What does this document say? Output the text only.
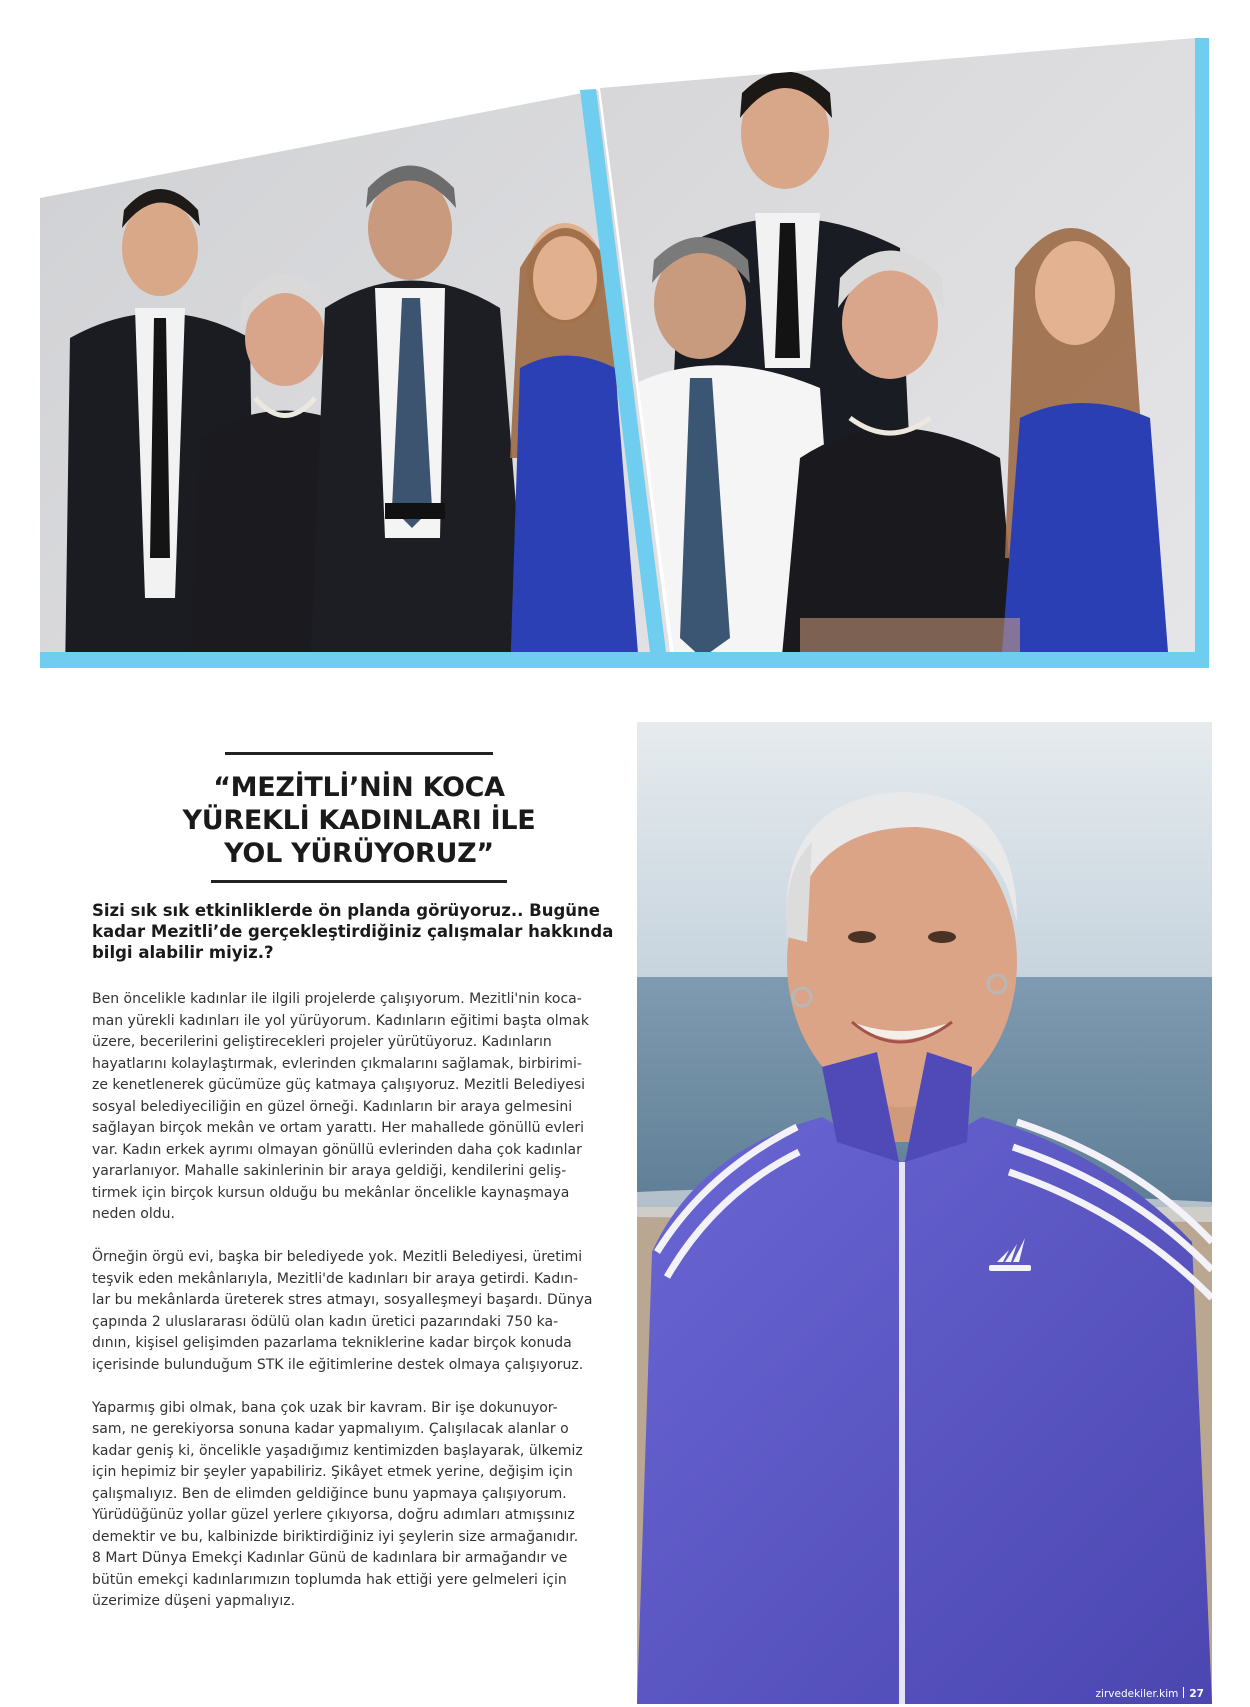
“MEZİTLİ’NİN KOCA
YÜREKLİ KADINLARI İLE
YOL YÜRÜYORUZ”
Sizi sık sık etkinliklerde ön planda görüyoruz.. Bugüne
kadar Mezitli’de gerçekleştirdiğiniz çalışmalar hakkında
bilgi alabilir miyiz.?

Ben öncelikle kadınlar ile ilgili projelerde çalışıyorum. Mezitli'nin koca-
man yürekli kadınları ile yol yürüyorum. Kadınların eğitimi başta olmak
üzere, becerilerini geliştirecekleri projeler yürütüyoruz. Kadınların
hayatlarını kolaylaştırmak, evlerinden çıkmalarını sağlamak, birbirimi-
ze kenetlenerek gücümüze güç katmaya çalışıyoruz. Mezitli Belediyesi
sosyal belediyeciliğin en güzel örneği. Kadınların bir araya gelmesini
sağlayan birçok mekân ve ortam yarattı. Her mahallede gönüllü evleri
var. Kadın erkek ayrımı olmayan gönüllü evlerinden daha çok kadınlar
yararlanıyor. Mahalle sakinlerinin bir araya geldiği, kendilerini geliş-
tirmek için birçok kursun olduğu bu mekânlar öncelikle kaynaşmaya
neden oldu.

Örneğin örgü evi, başka bir belediyede yok. Mezitli Belediyesi, üretimi
teşvik eden mekânlarıyla, Mezitli'de kadınları bir araya getirdi. Kadın-
lar bu mekânlarda üreterek stres atmayı, sosyalleşmeyi başardı. Dünya
çapında 2 uluslararası ödülü olan kadın üretici pazarındaki 750 ka-
dının, kişisel gelişimden pazarlama tekniklerine kadar birçok konuda
içerisinde bulunduğum STK ile eğitimlerine destek olmaya çalışıyoruz.

Yaparmış gibi olmak, bana çok uzak bir kavram. Bir işe dokunuyor-
sam, ne gerekiyorsa sonuna kadar yapmalıyım. Çalışılacak alanlar o
kadar geniş ki, öncelikle yaşadığımız kentimizden başlayarak, ülkemiz
için hepimiz bir şeyler yapabiliriz. Şikâyet etmek yerine, değişim için
çalışmalıyız. Ben de elimden geldiğince bunu yapmaya çalışıyorum.
Yürüdüğünüz yollar güzel yerlere çıkıyorsa, doğru adımları atmışsınız
demektir ve bu, kalbinizde biriktirdiğiniz iyi şeylerin size armağanıdır.
8 Mart Dünya Emekçi Kadınlar Günü de kadınlara bir armağandır ve
bütün emekçi kadınlarımızın toplumda hak ettiği yere gelmeleri için
üzerimize düşeni yapmalıyız.

zirvedekiler.kim 27
